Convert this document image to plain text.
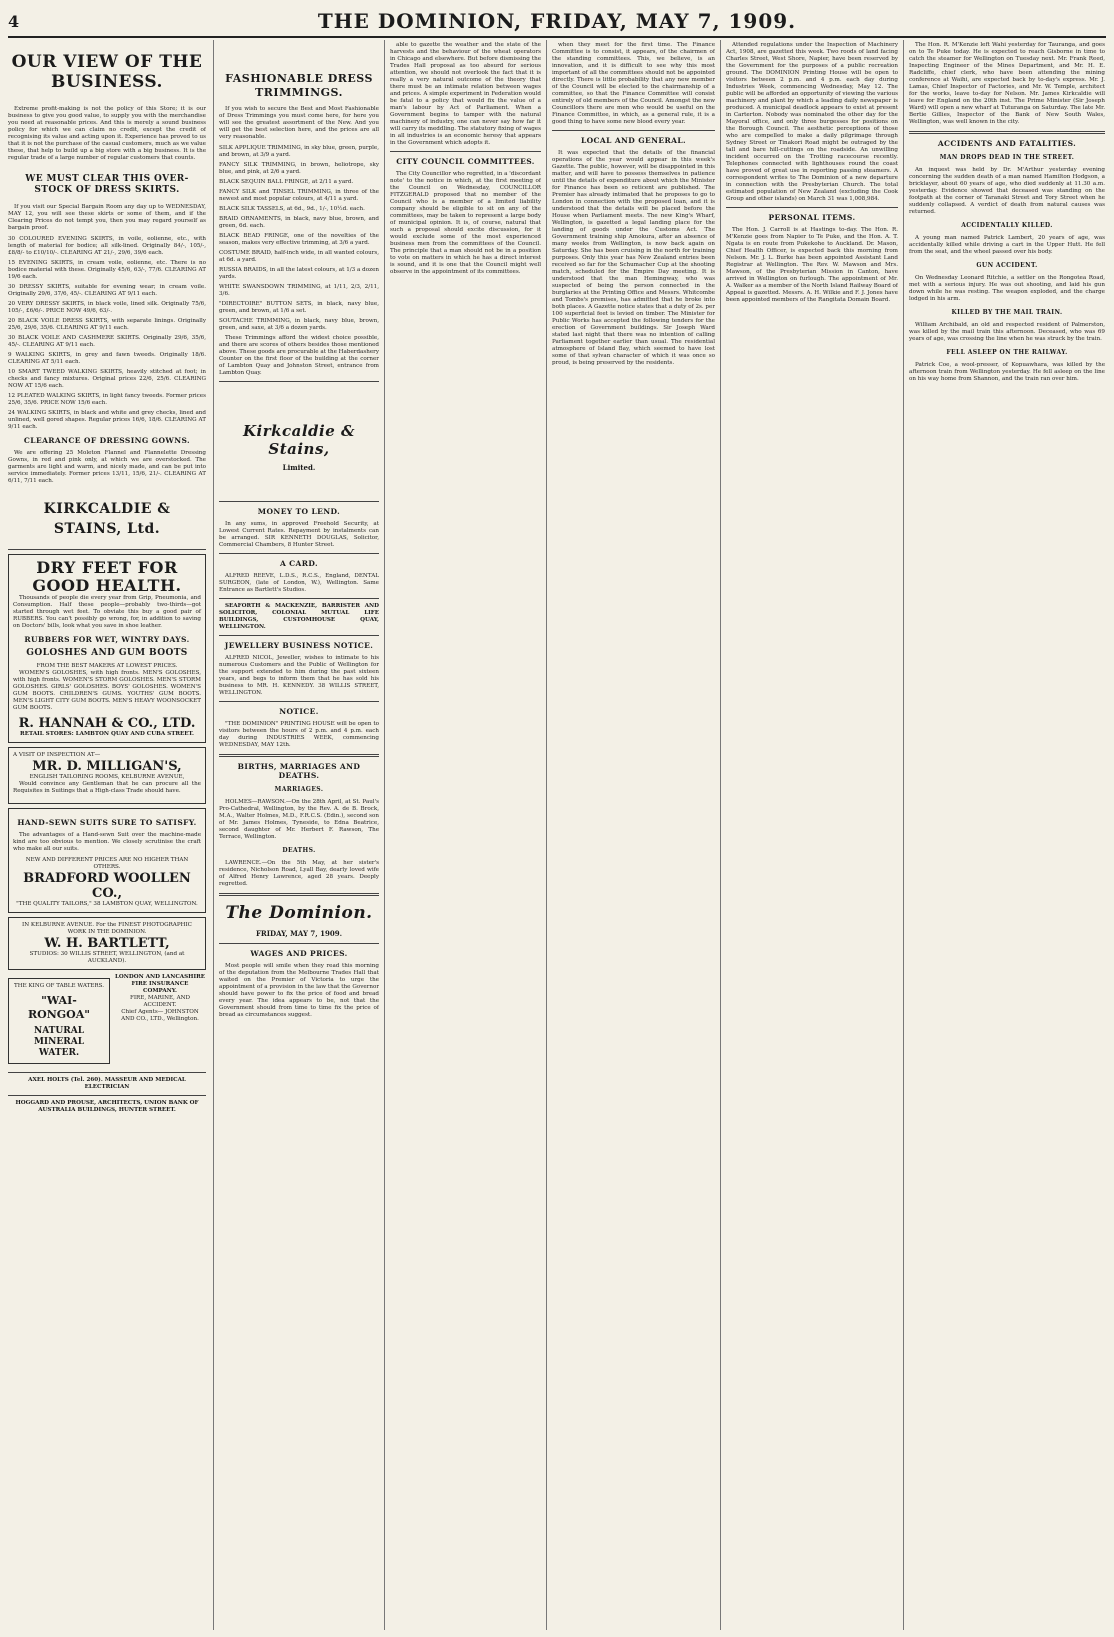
4	THE DOMINION, FRIDAY, MAY 7, 1909.
OUR VIEW OF THE BUSINESS.

Extreme profit-making is not the policy of this Store; it is our business to give you good value, to supply you with the merchandise you need at reasonable prices. And this is merely a sound business policy for which we can claim no credit, except the credit of recognising its value and acting upon it. Experience has proved to us that it is not the purchase of the casual customers, much as we value these, that help to build up a big store with a big business. It is the regular trade of a large number of regular customers that counts.

WE MUST CLEAR THIS OVER-STOCK OF DRESS SKIRTS.

If you visit our Special Bargain Room any day up to WEDNESDAY, MAY 12, you will see these skirts or some of them, and if the Clearing Prices do not tempt you, then you may regard yourself as bargain proof.

30 COLOURED EVENING SKIRTS, in voile, eolienne, etc., with length of material for bodice; all silk-lined. Originally 84/-, 105/-, £8/8/- to £10/10/-. CLEARING AT 21/-, 29/6, 39/6 each.
15 EVENING SKIRTS, in cream voile, eolienne, etc. There is no bodice material with these. Originally 45/6, 63/-, 77/6. CLEARING AT 19/6 each.
30 DRESSY SKIRTS, suitable for evening wear; in cream voile. Originally 29/6, 37/6, 45/-. CLEARING AT 9/11 each.
20 VERY DRESSY SKIRTS, in black voile, lined silk. Originally 75/6, 105/-, £6/6/-. PRICE NOW 49/6, 63/-.
20 BLACK VOILE DRESS SKIRTS, with separate linings. Originally 25/6, 29/6, 35/6. CLEARING AT 9/11 each.
30 BLACK VOILE AND CASHMERE SKIRTS. Originally 29/6, 35/6, 45/-. CLEARING AT 9/11 each.
9 WALKING SKIRTS, in grey and fawn tweeds. Originally 18/6. CLEARING AT 5/11 each.
10 SMART TWEED WALKING SKIRTS, heavily stitched at foot; in checks and fancy mixtures. Original prices 22/6, 25/6. CLEARING NOW AT 15/6 each.
12 PLEATED WALKING SKIRTS, in light fancy tweeds. Former prices 25/6, 35/6. PRICE NOW 15/6 each.
24 WALKING SKIRTS, in black and white and grey checks, lined and unlined, well gored shapes. Regular prices 16/6, 18/6. CLEARING AT 9/11 each.
CLEARANCE OF DRESSING GOWNS.

We are offering 25 Moleton Flannel and Flannelette Dressing Gowns, in red and pink only, at which we are overstocked. The garments are light and warm, and nicely made, and can be put into service immediately. Former prices 13/11, 15/6, 21/-. CLEARING AT 6/11, 7/11 each.

KIRKCALDIE & STAINS, Ltd.
DRY FEET FOR GOOD HEALTH.

Thousands of people die every year from Grip, Pneumonia, and Consumption. Half these people—probably two-thirds—got started through wet feet. To obviate this buy a good pair of RUBBERS. You can't possibly go wrong, for, in addition to saving on Doctors' bills, look what you save in shoe leather.

RUBBERS FOR WET, WINTRY DAYS.
GOLOSHES AND GUM BOOTS
FROM THE BEST MAKERS AT LOWEST PRICES.

WOMEN'S GOLOSHES, with high fronts. MEN'S GOLOSHES, with high fronts. WOMEN'S STORM GOLOSHES. MEN'S STORM GOLOSHES. GIRLS' GOLOSHES. BOYS' GOLOSHES. WOMEN'S GUM BOOTS. CHILDREN'S GUMS. YOUTHS' GUM BOOTS. MEN'S LIGHT CITY GUM BOOTS. MEN'S HEAVY WOONSOCKET GUM BOOTS.

R. HANNAH & CO., LTD.
RETAIL STORES: LAMBTON QUAY AND CUBA STREET.
A VISIT OF INSPECTION AT—
MR. D. MILLIGAN'S,
ENGLISH TAILORING ROOMS, KELBURNE AVENUE,

Would convince any Gentleman that he can procure all the Requisites in Suitings that a High-class Trade should have.

HAND-SEWN SUITS SURE TO SATISFY.

The advantages of a Hand-sewn Suit over the machine-made kind are too obvious to mention. We closely scrutinise the craft who make all our suits.

NEW AND DIFFERENT PRICES ARE NO HIGHER THAN OTHERS.
BRADFORD WOOLLEN CO.,
"THE QUALITY TAILORS," 38 LAMBTON QUAY, WELLINGTON.
IN KELBURNE AVENUE. For the FINEST PHOTOGRAPHIC WORK IN THE DOMINION.
W. H. BARTLETT,
STUDIOS: 30 WILLIS STREET, WELLINGTON, (and at AUCKLAND).
THE KING OF TABLE WATERS.
"WAI-RONGOA"
NATURAL MINERAL WATER.
LONDON AND LANCASHIRE FIRE INSURANCE COMPANY.
FIRE, MARINE, AND ACCIDENT.
Chief Agents— JOHNSTON AND CO., LTD., Wellington.
AXEL HOLTS (Tel. 260). MASSEUR AND MEDICAL ELECTRICIAN
HOGGARD AND PROUSE, ARCHITECTS, UNION BANK OF AUSTRALIA BUILDINGS, HUNTER STREET.
FASHIONABLE DRESS TRIMMINGS.

If you wish to secure the Best and Most Fashionable of Dress Trimmings you must come here, for here you will see the greatest assortment of the New. And you will get the best selection here, and the prices are all very reasonable.

SILK APPLIQUE TRIMMING, in sky blue, green, purple, and brown, at 3/9 a yard.
FANCY SILK TRIMMING, in brown, heliotrope, sky blue, and pink, at 2/6 a yard.
BLACK SEQUIN BALL FRINGE, at 2/11 a yard.
FANCY SILK and TINSEL TRIMMING, in three of the newest and most popular colours, at 4/11 a yard.
BLACK SILK TASSELS, at 6d., 9d., 1/-, 10½d. each.
BRAID ORNAMENTS, in black, navy blue, brown, and green, 6d. each.
BLACK BEAD FRINGE, one of the novelties of the season, makes very effective trimming, at 3/6 a yard.
COSTUME BRAID, half-inch wide, in all wanted colours, at 6d. a yard.
RUSSIA BRAIDS, in all the latest colours, at 1/3 a dozen yards.
WHITE SWANSDOWN TRIMMING, at 1/11, 2/3, 2/11, 3/6.
"DIRECTOIRE" BUTTON SETS, in black, navy blue, green, and brown, at 1/6 a set.
SOUTACHE TRIMMING, in black, navy blue, brown, green, and saxe, at 3/6 a dozen yards.

These Trimmings afford the widest choice possible, and there are scores of others besides those mentioned above. These goods are procurable at the Haberdashery Counter on the first floor of the building at the corner of Lambton Quay and Johnston Street, entrance from Lambton Quay.

Kirkcaldie & Stains,
Limited.
MONEY TO LEND.

In any sums, in approved Freehold Security, at Lowest Current Rates. Repayment by instalments can be arranged. SIR KENNETH DOUGLAS, Solicitor, Commercial Chambers, 8 Hunter Street.

A CARD.

ALFRED REEVE, L.D.S., R.C.S., England, DENTAL SURGEON, (late of London, W.), Wellington. Same Entrance as Bartlett's Studios.

SEAFORTH & MACKENZIE, BARRISTER AND SOLICITOR, COLONIAL MUTUAL LIFE BUILDINGS, CUSTOMHOUSE QUAY, WELLINGTON.

JEWELLERY BUSINESS NOTICE.

ALFRED NICOL, Jeweller, wishes to intimate to his numerous Customers and the Public of Wellington for the support extended to him during the past sixteen years, and begs to inform them that he has sold his business to MR. H. KENNEDY. 38 WILLIS STREET, WELLINGTON.

NOTICE.

"THE DOMINION" PRINTING HOUSE will be open to visitors between the hours of 2 p.m. and 4 p.m. each day during INDUSTRIES WEEK, commencing WEDNESDAY, MAY 12th.

BIRTHS, MARRIAGES AND DEATHS.
MARRIAGES.

HOLMES—RAWSON.—On the 28th April, at St. Paul's Pro-Cathedral, Wellington, by the Rev. A. de B. Brock, M.A., Walter Holmes, M.D., F.R.C.S. (Edin.), second son of Mr. James Holmes, Tyneside, to Edna Beatrice, second daughter of Mr. Herbert F. Rawson, The Terrace, Wellington.

DEATHS.

LAWRENCE.—On the 5th May, at her sister's residence, Nicholson Road, Lyall Bay, dearly loved wife of Alfred Henry Lawrence, aged 28 years. Deeply regretted.

The Dominion.
FRIDAY, MAY 7, 1909.
WAGES AND PRICES.

Most people will smile when they read this morning of the deputation from the Melbourne Trades Hall that waited on the Premier of Victoria to urge the appointment of a provision in the law that the Governor should have power to fix the price of food and bread every year. The idea appears to be, not that the Government should from time to time fix the price of bread as circumstances suggest.

able to gazette the weather and the state of the harvests and the behaviour of the wheat operators in Chicago and elsewhere. But before dismissing the Trades Hall proposal as too absurd for serious attention, we should not overlook the fact that it is really a very natural outcome of the theory that there must be an intimate relation between wages and prices. A simple experiment in Federation would be fatal to a policy that would fix the value of a man's labour by Act of Parliament. When a Government begins to tamper with the natural machinery of industry, one can never say how far it will carry its meddling. The statutory fixing of wages in all industries is an economic heresy that appears in the Government which adopts it.

CITY COUNCIL COMMITTEES.

The City Councillor who regretted, in a 'discordant note' to the notice in which, at the first meeting of the Council on Wednesday, COUNCILLOR FITZGERALD proposed that no member of the Council who is a member of a limited liability company should be eligible to sit on any of the committees, may be taken to represent a large body of municipal opinion. It is, of course, natural that such a proposal should excite discussion, for it would exclude some of the most experienced business men from the committees of the Council. The principle that a man should not be in a position to vote on matters in which he has a direct interest is sound, and it is one that the Council might well observe in the appointment of its committees.

when they meet for the first time. The Finance Committee is to consist, it appears, of the chairmen of the standing committees. This, we believe, is an innovation, and it is difficult to see why this most important of all the committees should not be appointed directly. There is little probability that any new member of the Council will be elected to the chairmanship of a committee, so that the Finance Committee will consist entirely of old members of the Council. Amongst the new Councillors there are men who would be useful on the Finance Committee, in which, as a general rule, it is a good thing to have some new blood every year.

LOCAL AND GENERAL.

It was expected that the details of the financial operations of the year would appear in this week's Gazette. The public, however, will be disappointed in this matter, and will have to possess themselves in patience until the details of expenditure about which the Minister for Finance has been so reticent are published. The Premier has already intimated that he proposes to go to London in connection with the proposed loan, and it is understood that the details will be placed before the House when Parliament meets. The new King's Wharf, Wellington, is gazetted a legal landing place for the landing of goods under the Customs Act. The Government training ship Amokura, after an absence of many weeks from Wellington, is now back again on Saturday. She has been cruising in the north for training purposes. Only this year has New Zealand entries been received so far for the Schumacher Cup at the shooting match, scheduled for the Empire Day meeting. It is understood that the man Hemingway, who was suspected of being the person connected in the burglaries at the Printing Office and Messrs. Whitcombe and Tombs's premises, has admitted that he broke into both places. A Gazette notice states that a duty of 2s. per 100 superficial feet is levied on timber. The Minister for Public Works has accepted the following tenders for the erection of Government buildings. Sir Joseph Ward stated last night that there was no intention of calling Parliament together earlier than usual. The residential atmosphere of Island Bay, which seemed to have lost some of that sylvan character of which it was once so proud, is being preserved by the residents.

Attended regulations under the Inspection of Machinery Act, 1908, are gazetted this week. Two roods of land facing Charles Street, West Shore, Napier, have been reserved by the Government for the purposes of a public recreation ground. The DOMINION Printing House will be open to visitors between 2 p.m. and 4 p.m. each day during Industries Week, commencing Wednesday, May 12. The public will be afforded an opportunity of viewing the various machinery and plant by which a leading daily newspaper is produced. A municipal deadlock appears to exist at present in Carterton. Nobody was nominated the other day for the Mayoral office, and only three burgesses for positions on the Borough Council. The aesthetic perceptions of those who are compelled to make a daily pilgrimage through Sydney Street or Tinakori Road might be outraged by the tall and bare hill-cuttings on the roadside. An unwilling incident occurred on the Trotting racecourse recently. Telephones connected with lighthouses round the coast have proved of great use in reporting passing steamers. A correspondent writes to The Dominion of a new departure in connection with the Presbyterian Church. The total estimated population of New Zealand (excluding the Cook Group and other islands) on March 31 was 1,008,984.

PERSONAL ITEMS.

The Hon. J. Carroll is at Hastings to-day. The Hon. R. M'Kenzie goes from Napier to Te Puke, and the Hon. A. T. Ngata is en route from Pukekohe to Auckland. Dr. Mason, Chief Health Officer, is expected back this morning from Nelson. Mr. J. L. Burke has been appointed Assistant Land Registrar at Wellington. The Rev. W. Mawson and Mrs. Mawson, of the Presbyterian Mission in Canton, have arrived in Wellington on furlough. The appointment of Mr. A. Walker as a member of the North Island Railway Board of Appeal is gazetted. Messrs. A. H. Wilkie and F. J. Jones have been appointed members of the Rangitata Domain Board.

The Hon. R. M'Kenzie left Wahi yesterday for Tauranga, and goes on to Te Puke today. He is expected to reach Gisborne in time to catch the steamer for Wellington on Tuesday next. Mr. Frank Reed, Inspecting Engineer of the Mines Department, and Mr. H. E. Radcliffe, chief clerk, who have been attending the mining conference at Waihi, are expected back by to-day's express. Mr. J. Lamas, Chief Inspector of Factories, and Mr. W. Temple, architect for the works, leave to-day for Nelson. Mr. James Kirkcaldie will leave for England on the 20th inst. The Prime Minister (Sir Joseph Ward) will open a new wharf at Tuturanga on Saturday. The late Mr. Bertie Gillies, Inspector of the Bank of New South Wales, Wellington, was well known in the city.

ACCIDENTS AND FATALITIES.
MAN DROPS DEAD IN THE STREET.

An inquest was held by Dr. M'Arthur yesterday evening concerning the sudden death of a man named Hamilton Hodgson, a bricklayer, about 60 years of age, who died suddenly at 11.30 a.m. yesterday. Evidence showed that deceased was standing on the footpath at the corner of Taranaki Street and Tory Street when he suddenly collapsed. A verdict of death from natural causes was returned.

ACCIDENTALLY KILLED.

A young man named Patrick Lambert, 20 years of age, was accidentally killed while driving a cart in the Upper Hutt. He fell from the seat, and the wheel passed over his body.

GUN ACCIDENT.

On Wednesday Leonard Ritchie, a settler on the Rongotea Road, met with a serious injury. He was out shooting, and laid his gun down while he was resting. The weapon exploded, and the charge lodged in his arm.

KILLED BY THE MAIL TRAIN.

William Archibald, an old and respected resident of Palmerston, was killed by the mail train this afternoon. Deceased, who was 69 years of age, was crossing the line when he was struck by the train.

FELL ASLEEP ON THE RAILWAY.

Patrick Coe, a wool-presser, of Kopuawhara, was killed by the afternoon train from Wellington yesterday. He fell asleep on the line on his way home from Shannon, and the train ran over him.
